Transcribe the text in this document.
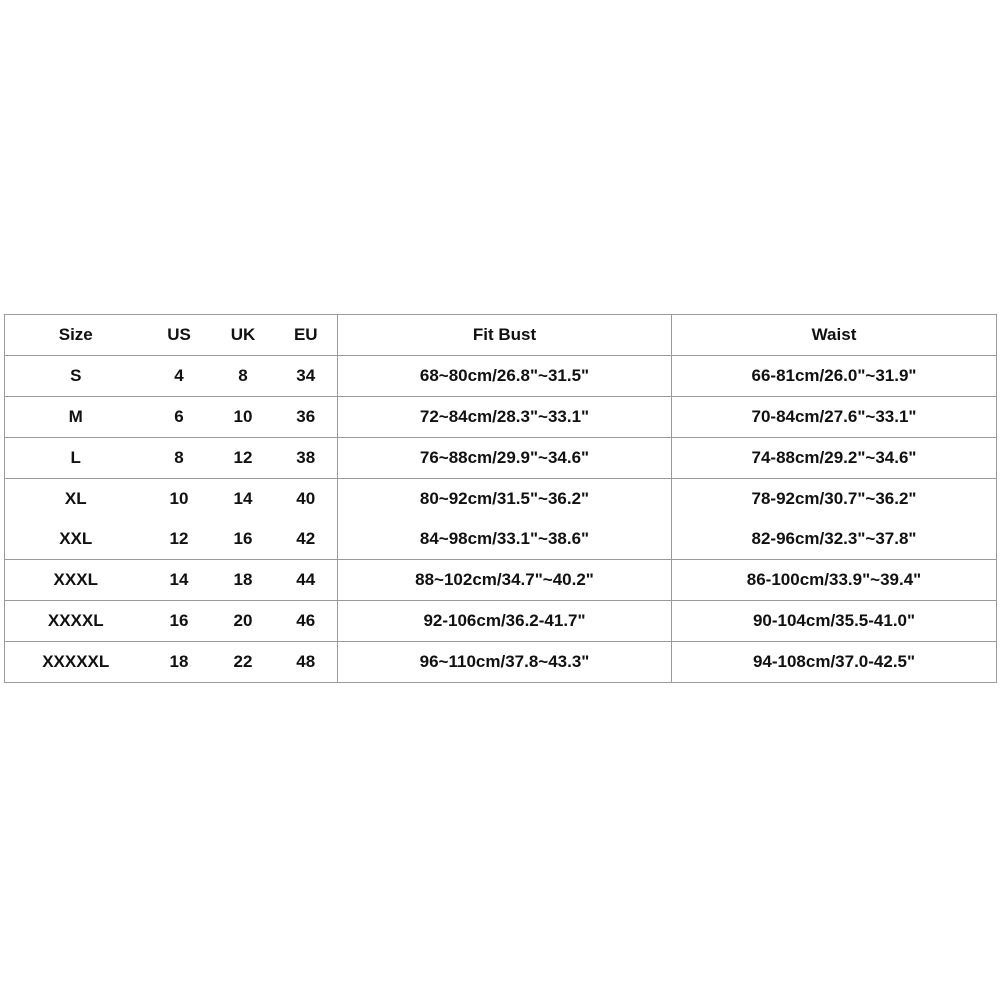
Size	US	UK	EU	Fit Bust	Waist
S	4	8	34	68~80cm/26.8"~31.5"	66-81cm/26.0"~31.9"
M	6	10	36	72~84cm/28.3"~33.1"	70-84cm/27.6"~33.1"
L	8	12	38	76~88cm/29.9"~34.6"	74-88cm/29.2"~34.6"
XL	10	14	40	80~92cm/31.5"~36.2"	78-92cm/30.7"~36.2"
XXL	12	16	42	84~98cm/33.1"~38.6"	82-96cm/32.3"~37.8"
XXXL	14	18	44	88~102cm/34.7"~40.2"	86-100cm/33.9"~39.4"
XXXXL	16	20	46	92-106cm/36.2-41.7"	90-104cm/35.5-41.0"
XXXXXL	18	22	48	96~110cm/37.8~43.3"	94-108cm/37.0-42.5"
